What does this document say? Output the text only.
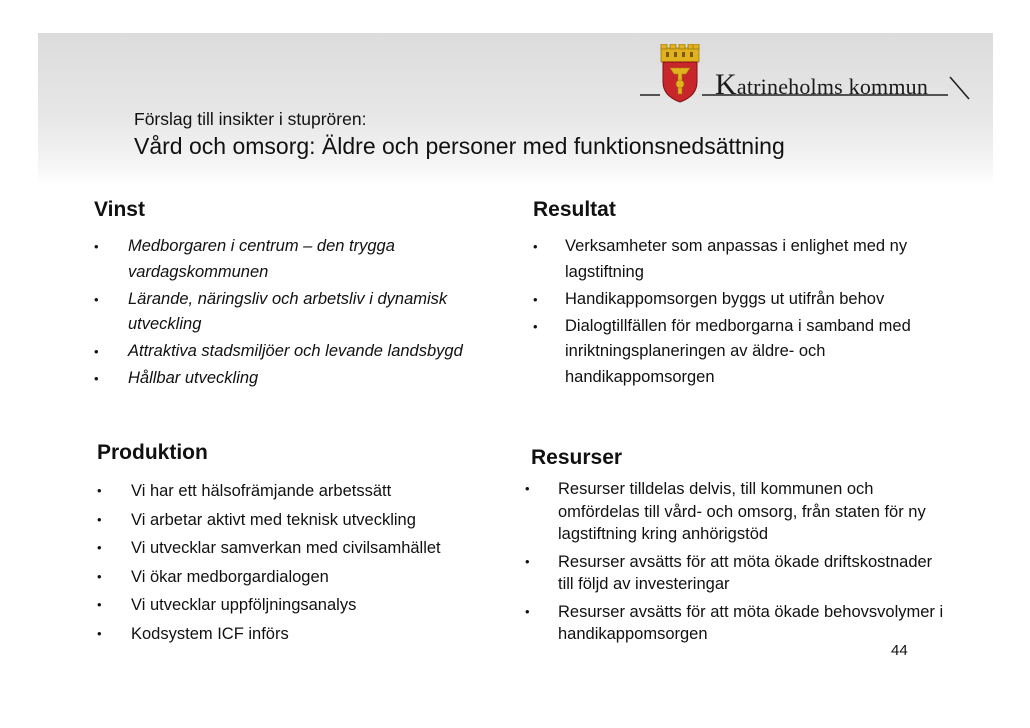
Katrineholms kommun
Förslag till insikter i stuprören:
Vård och omsorg: Äldre och personer med funktionsnedsättning
Vinst
• Medborgaren i centrum – den trygga vardagskommunen
• Lärande, näringsliv och arbetsliv i dynamisk utveckling
• Attraktiva stadsmiljöer och levande landsbygd
• Hållbar utveckling
Resultat
• Verksamheter som anpassas i enlighet med ny lagstiftning
• Handikappomsorgen byggs ut utifrån behov
• Dialogtillfällen för medborgarna i samband med inriktningsplaneringen av äldre- och handikappomsorgen
Produktion
• Vi har ett hälsofrämjande arbetssätt
• Vi arbetar aktivt med teknisk utveckling
• Vi utvecklar samverkan med civilsamhället
• Vi ökar medborgardialogen
• Vi utvecklar uppföljningsanalys
• Kodsystem ICF införs
Resurser
• Resurser tilldelas delvis, till kommunen och omfördelas till vård- och omsorg, från staten för ny lagstiftning kring anhörigstöd
• Resurser avsätts för att möta ökade driftskostnader till följd av investeringar
• Resurser avsätts för att möta ökade behovsvolymer i handikappomsorgen
44
